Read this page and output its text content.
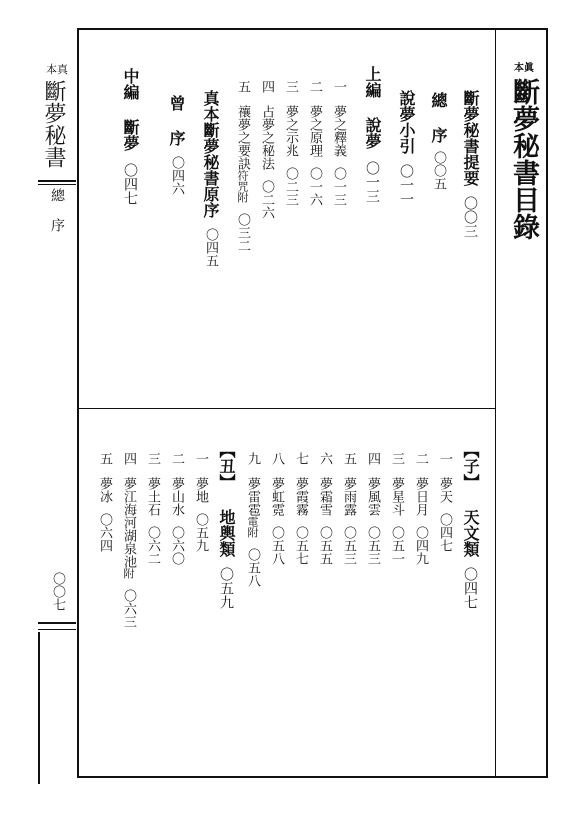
本真
斷夢秘書
總 序
〇〇七
本眞
斷夢秘書目錄
斷夢秘書提要〇〇三
總 序〇〇五
說夢小引〇一一
上編 說夢〇一三
一夢之釋義〇一三
二夢之原理〇一六
三夢之示兆〇二三
四占夢之秘法〇二六
五禳夢之要訣符咒附〇三二
真本斷夢秘書原序〇四五
曾 序〇四六
中編 斷夢〇四七
【子】 天文類〇四七
一夢天〇四七
二夢日月〇四九
三夢星斗〇五一
四夢風雲〇五三
五夢雨露〇五三
六夢霜雪〇五五
七夢霞霧〇五七
八夢虹霓〇五八
九夢雷雹電附〇五八
【丑】 地輿類〇五九
一夢地〇五九
二夢山水〇六〇
三夢土石〇六二
四夢江海河湖泉池附〇六三
五夢冰〇六四
